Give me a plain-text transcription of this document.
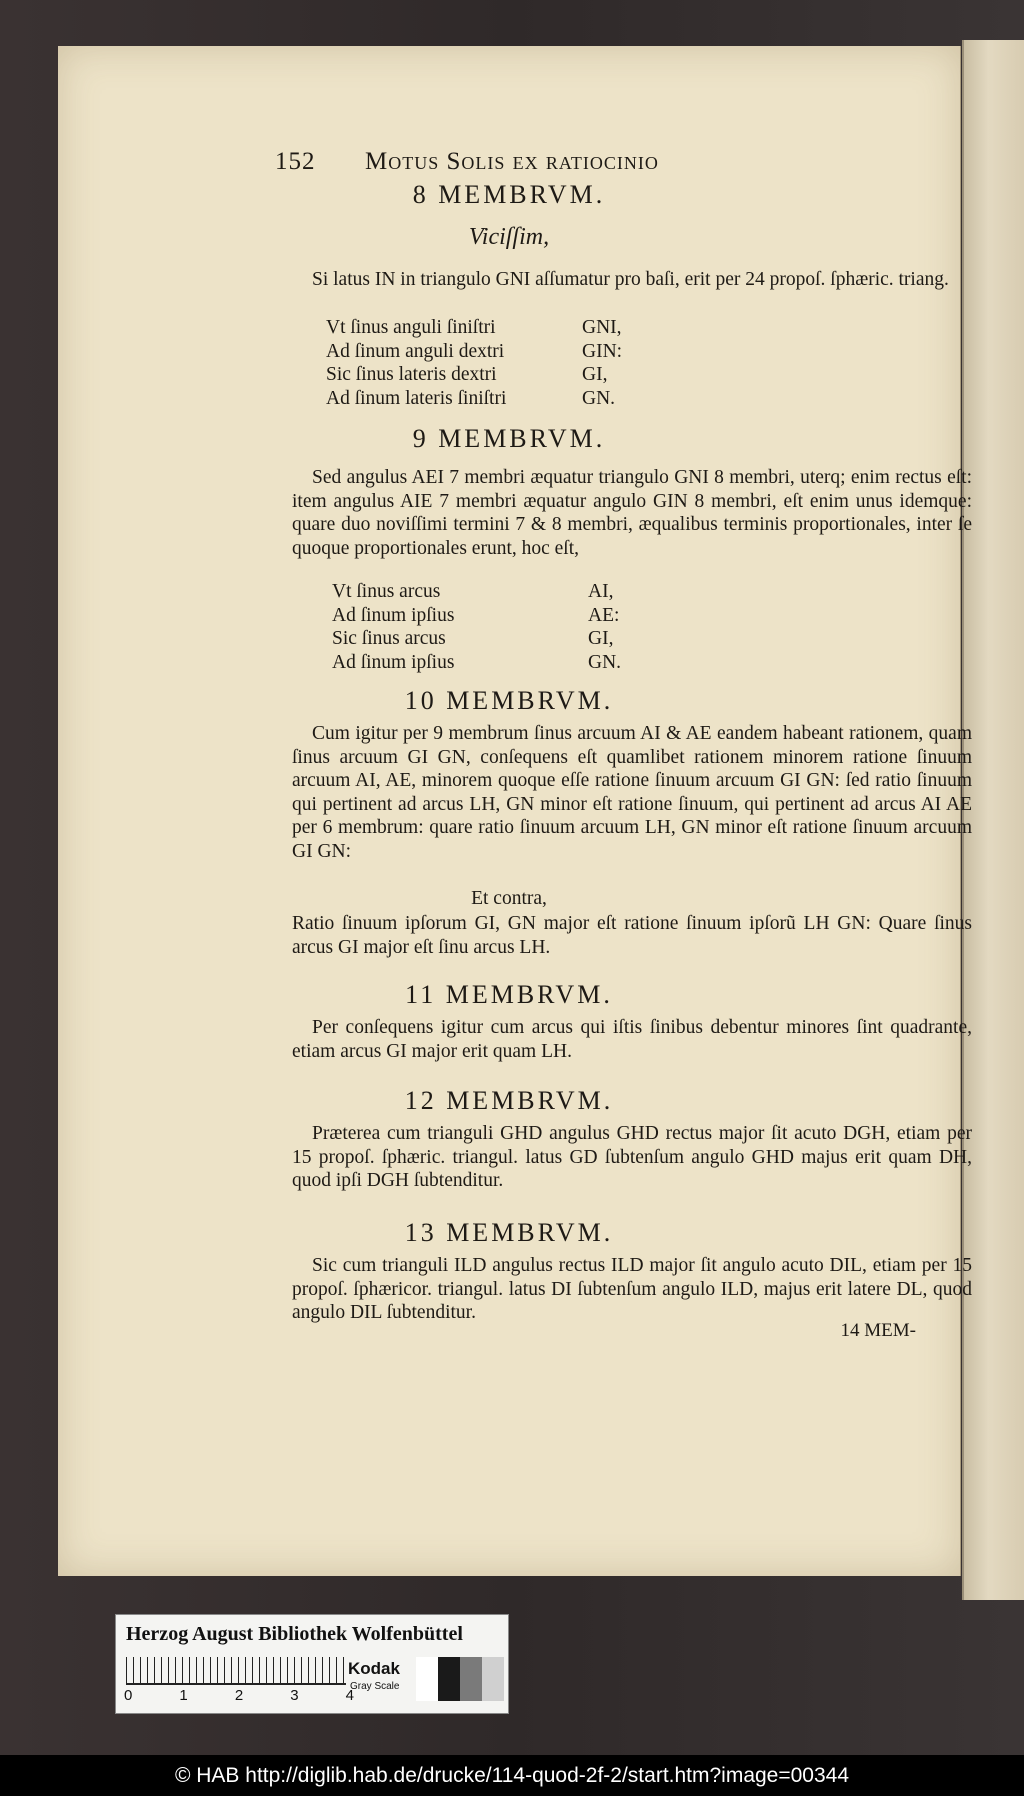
152 Motus Solis ex ratiocinio
8 MEMBRVM.
Viciſſim,

Si latus IN in triangulo GNI aſſumatur pro baſi, erit per 24 propoſ. ſphæric. triang.

Vt ſinus anguli ſiniſtri	GNI,
Ad ſinum anguli dextri	GIN:
Sic ſinus lateris dextri	GI,
Ad ſinum lateris ſiniſtri	GN.
9 MEMBRVM.

Sed angulus AEI 7 membri æquatur triangulo GNI 8 membri, uterq; enim rectus eſt: item angulus AIE 7 membri æquatur angulo GIN 8 membri, eſt enim unus idemque: quare duo noviſſimi termini 7 & 8 membri, æqualibus terminis proportionales, inter ſe quoque proportionales erunt, hoc eſt,

Vt ſinus arcus	AI,
Ad ſinum ipſius	AE:
Sic ſinus arcus	GI,
Ad ſinum ipſius	GN.
10 MEMBRVM.

Cum igitur per 9 membrum ſinus arcuum AI & AE eandem habeant rationem, quam ſinus arcuum GI GN, conſequens eſt quamlibet rationem minorem ratione ſinuum arcuum AI, AE, minorem quoque eſſe ratione ſinuum arcuum GI GN: ſed ratio ſinuum qui pertinent ad arcus LH, GN minor eſt ratione ſinuum, qui pertinent ad arcus AI AE per 6 membrum: quare ratio ſinuum arcuum LH, GN minor eſt ratione ſinuum arcuum GI GN:

Et contra,

Ratio ſinuum ipſorum GI, GN major eſt ratione ſinuum ipſorũ LH GN: Quare ſinus arcus GI major eſt ſinu arcus LH.

11 MEMBRVM.

Per conſequens igitur cum arcus qui iſtis ſinibus debentur minores ſint quadrante, etiam arcus GI major erit quam LH.

12 MEMBRVM.

Præterea cum trianguli GHD angulus GHD rectus major ſit acuto DGH, etiam per 15 propoſ. ſphæric. triangul. latus GD ſubtenſum angulo GHD majus erit quam DH, quod ipſi DGH ſubtenditur.

13 MEMBRVM.

Sic cum trianguli ILD angulus rectus ILD major ſit angulo acuto DIL, etiam per 15 propoſ. ſphæricor. triangul. latus DI ſubtenſum angulo ILD, majus erit latere DL, quod angulo DIL ſubtenditur.

14 MEM-
Herzog August Bibliothek Wolfenbüttel
0	1	2	3	4
Kodak
Gray Scale
© HAB http://diglib.hab.de/drucke/114-quod-2f-2/start.htm?image=00344
